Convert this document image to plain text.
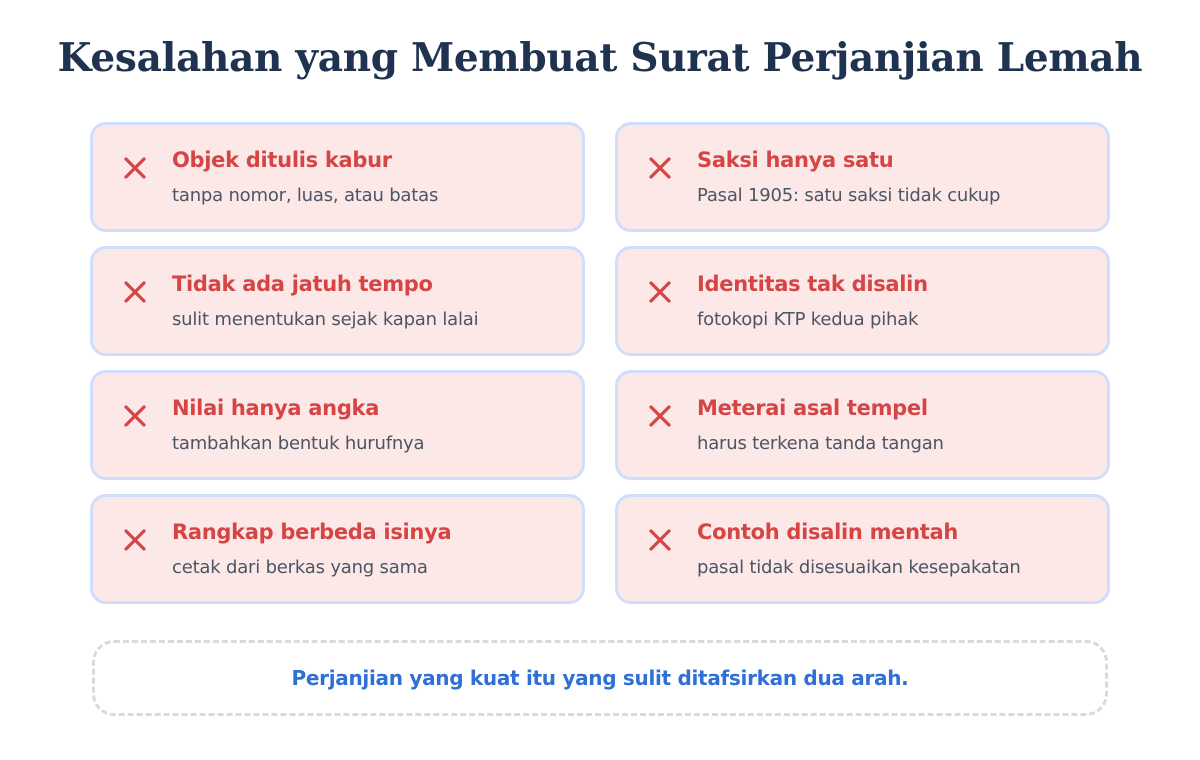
Kesalahan yang Membuat Surat Perjanjian Lemah
Objek ditulis kabur
tanpa nomor, luas, atau batas
Saksi hanya satu
Pasal 1905: satu saksi tidak cukup
Tidak ada jatuh tempo
sulit menentukan sejak kapan lalai
Identitas tak disalin
fotokopi KTP kedua pihak
Nilai hanya angka
tambahkan bentuk hurufnya
Meterai asal tempel
harus terkena tanda tangan
Rangkap berbeda isinya
cetak dari berkas yang sama
Contoh disalin mentah
pasal tidak disesuaikan kesepakatan
Perjanjian yang kuat itu yang sulit ditafsirkan dua arah.
